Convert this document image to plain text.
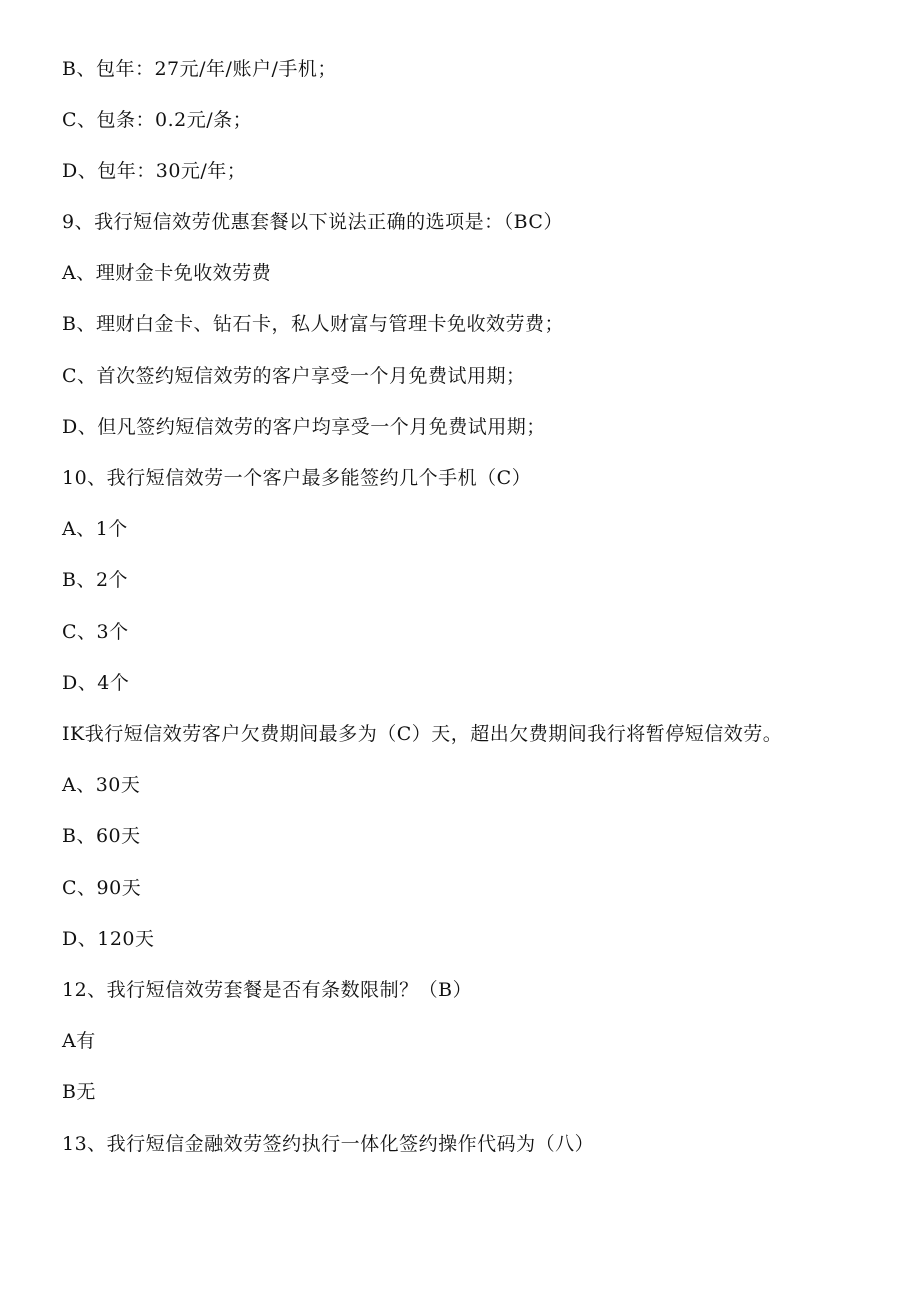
B、包年：27元/年/账户/手机；
C、包条：0.2元/条；
D、包年：30元/年；
9、我行短信效劳优惠套餐以下说法正确的选项是：（BC）
A、理财金卡免收效劳费
B、理财白金卡、钻石卡，私人财富与管理卡免收效劳费；
C、首次签约短信效劳的客户享受一个月免费试用期；
D、但凡签约短信效劳的客户均享受一个月免费试用期；
10、我行短信效劳一个客户最多能签约几个手机（C）
A、1个
B、2个
C、3个
D、4个
IK我行短信效劳客户欠费期间最多为（C）天，超出欠费期间我行将暂停短信效劳。
A、30天
B、60天
C、90天
D、120天
12、我行短信效劳套餐是否有条数限制？（B）
A有
B无
13、我行短信金融效劳签约执行一体化签约操作代码为（八）
